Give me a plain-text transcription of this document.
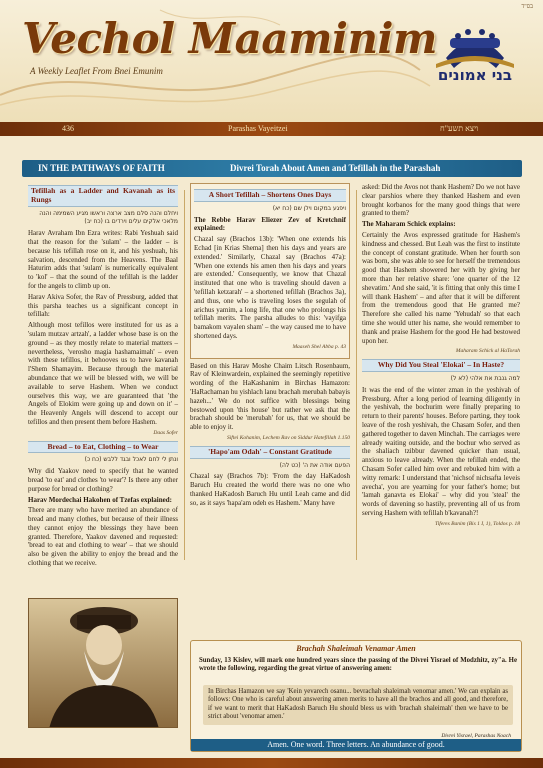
בס"ד
Vechol Maaminim
A Weekly Leaflet From Bnei Emunim	בני אמונים
436	Parashas Vayeitzei	ויצא תשע"ח
IN THE PATHWAYS OF FAITH	Divrei Torah About Amen and Tefillah in the Parashah
Tefillah as a Ladder and Kavanah as its Rungs
ויחלם והנה סלם מצב ארצה וראשו מגיע השמימה והנה מלאכי אלקים עלים וירדים בו (כח יב)

Harav Avraham Ibn Ezra writes: Rabi Yeshuah said that the reason for the 'sulam' – the ladder – is because his tefillah rose on it, and his yeshuah, his salvation, descended from the Heavens. The Baal Haturim adds that 'sulam' is numerically equivalent to 'kol' – that the sound of the tefillah is the ladder for the angels to climb up on.

Harav Akiva Sofer, the Rav of Pressburg, added that this parsha teaches us a significant concept in tefillah:

Although most tefillos were instituted for us as a 'sulam mutzav artzah', a ladder whose base is on the ground – as they mostly relate to material matters – nevertheless, 'verosho magia hashamaimah' – even with these tefillos, it behooves us to have kavanah l'Shem Shamayim. Because through the material abundance that we will be blessed with, we will be available to serve Hashem. When we conduct ourselves this way, we are guaranteed that 'the Angels of Elokim were going up and down on it' – the Heavenly Angels will descend to accept our tefillos and then present them before Hashem.

Daas Sofer
Bread – to Eat, Clothing – to Wear
ונתן לי לחם לאכל ובגד ללבש (כח כ)

Why did Yaakov need to specify that he wanted bread 'to eat' and clothes 'to wear'? Is there any other purpose for bread or clothing?

Harav Mordechai Hakohen of Tzefas explained:

There are many who have merited an abundance of bread and many clothes, but because of their illness they cannot enjoy the blessings they have been granted. Therefore, Yaakov davened and requested: 'bread to eat and clothing to wear' – that we should also be given the ability to enjoy the bread and the clothing that we receive.

A Short Tefillah – Shortens Ones Days
ויפגע במקום וילן שם (כח יא)

The Rebbe Harav Eliezer Zev of Kretchnif explained:

Chazal say (Brachos 13b): 'When one extends his Echad [in Krias Shema] then his days and years are extended.' Similarly, Chazal say (Brachos 47a): 'When one extends his amen then his days and years are extended.' Consequently, we know that Chazal instituted that one who is traveling should daven a 'tefillah ketzarah' – a shortened tefillah (Brachos 3a), and thus, one who is traveling loses the segulah of arichus yamim, a long life, that one who prolongs his tefillah merits. The parsha alludes to this: 'vayifga bamakom vayalen sham' – the way caused me to have shortened days.

Maaseh Shel Abba p. 43

Based on this Harav Moshe Chaim Litsch Rosenbaum, Rav of Kleinwardein, explained the seemingly repetitive wording of the HaKashanim in Birchas Hamazon: 'HaRachaman hu yishlach lanu brachah merubah babayis hazeh...' We do not suffice with blessings being bestowed upon 'this house' but rather we ask that the brachah should be 'merubah' for us, that we should be able to enjoy it.

Siftei Kohanim, Lechem Rav on Siddur Hatefillah 1.150
'Hapo'am Odah' – Constant Gratitude
הפעם אודה את ה' (כט לה)

Chazal say (Brachos 7b): 'From the day HaKadosh Baruch Hu created the world there was no one who thanked HaKadosh Baruch Hu until Leah came and did so, as it says 'hapa'am odeh es Hashem.' Many have

asked: Did the Avos not thank Hashem? Do we not have clear parshios where they thanked Hashem and even brought korbanos for the many good things that were granted to them?

The Maharam Schick explains:

Certainly the Avos expressed gratitude for Hashem's kindness and chessed. But Leah was the first to institute the concept of constant gratitude. When her fourth son was born, she was able to see for herself the tremendous good that Hashem showered her with by giving her more than her relative share: 'one quarter of the 12 shevatim.' And she said, 'it is fitting that only this time I will thank Hashem' – and after that it will be different from the tremendous good that He granted me? Therefore she called his name 'Yehudah' so that each time she would utter his name, she would remember to thank and praise Hashem for the good He had bestowed upon her.

Maharam Schick al HaTorah
Why Did You Steal 'Elokai' – In Haste?
למה גנבת את אלהי (לא ל)

It was the end of the winter zman in the yeshivah of Pressburg. After a long period of learning diligently in the yeshivah, the bochurim were finally preparing to return to their parents' houses. Before parting, they took leave of the rosh yeshivah, the Chasam Sofer, and then gathered together to daven Minchah. The carriages were already waiting outside, and the bochur who served as the shaliach tzibbur davened quicker than usual, anxious to leave already. When the tefillah ended, the Chasam Sofer called him over and rebuked him with a witty remark: I understand that 'nichsof nichsafta leveis avecha', you are yearning for your father's home; but 'lamah ganavta es Elokai' – why did you 'steal' the words of davening so hastily, preventing all of us from serving Hashem with tefillah b'kavanah?!

Tiferes Banim (Bis 1 I, 1), Toldos p. 18
Brachah Shaleimah Venamar Amen
Sunday, 13 Kislev, will mark one hundred years since the passing of the Divrei Yisrael of Modzhitz, zy"a. He wrote the following, regarding the great virtue of answering amen:
In Birchas Hamazon we say 'Kein yevarech osanu... bevrachah shaleimah venomar amen.' We can explain as follows: One who is careful about answering amen merits to have all the brachos and all good, and therefore, if we want to merit that HaKadosh Baruch Hu should bless us with 'brachah shaleimah' then we have to be strict about 'venomar amen.'
Divrei Yisrael, Parashas Noach
Amen. One word. Three letters. An abundance of good.
